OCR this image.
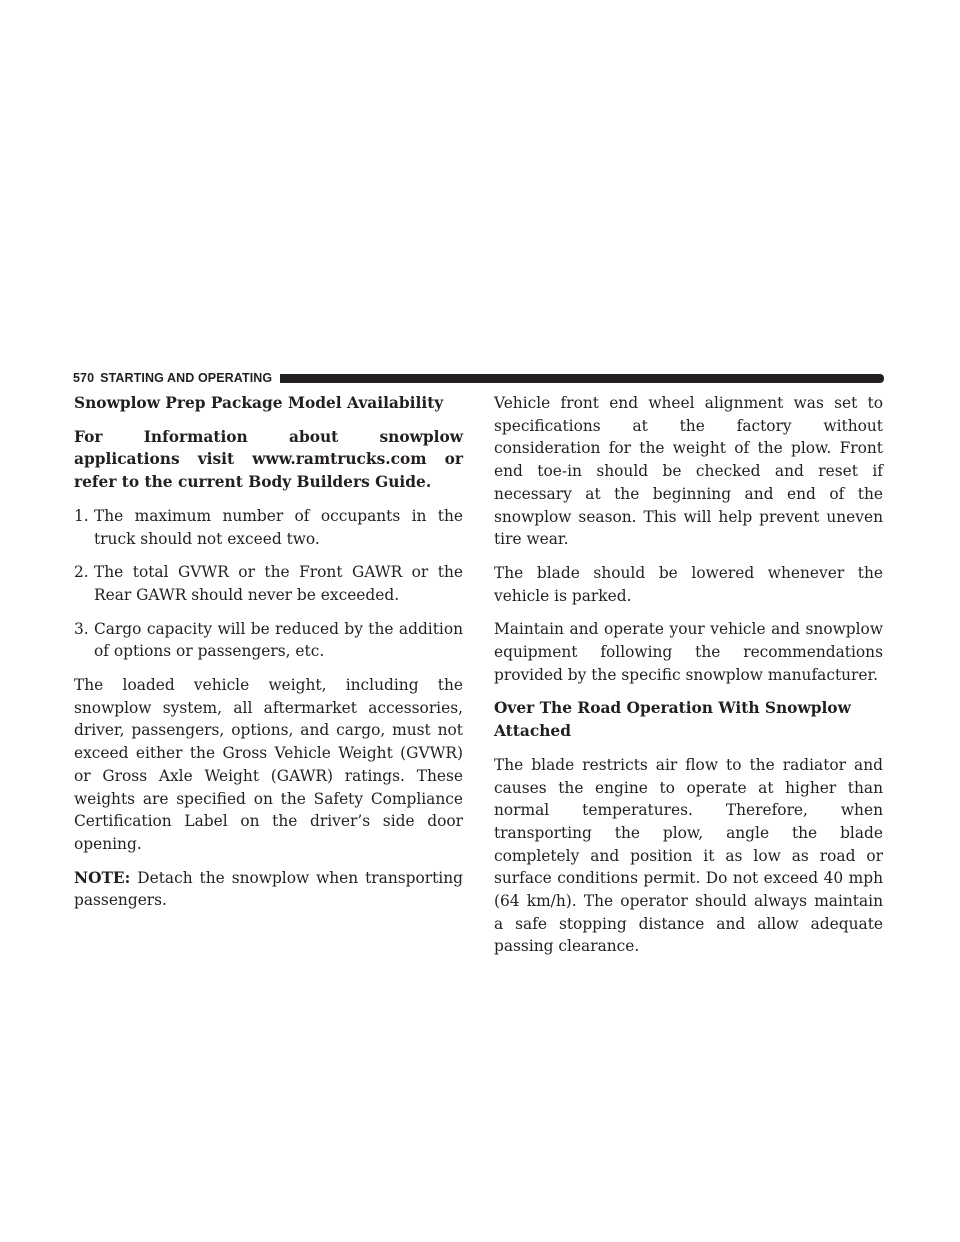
570 STARTING AND OPERATING
Snowplow Prep Package Model Availability

For Information about snowplow applications visit www.ramtrucks.com or refer to the current Body Builders Guide.

1. The maximum number of occupants in the truck should not exceed two.
2. The total GVWR or the Front GAWR or the Rear GAWR should never be exceeded.
3. Cargo capacity will be reduced by the addition of options or passengers, etc.

The loaded vehicle weight, including the snowplow system, all aftermarket accessories, driver, passengers, options, and cargo, must not exceed either the Gross Vehicle Weight (GVWR) or Gross Axle Weight (GAWR) ratings. These weights are specified on the Safety Compliance Certification Label on the driver’s side door opening.

NOTE: Detach the snowplow when transporting passengers.

Vehicle front end wheel alignment was set to specifications at the factory without consideration for the weight of the plow. Front end toe-in should be checked and reset if necessary at the beginning and end of the snowplow season. This will help prevent uneven tire wear.

The blade should be lowered whenever the vehicle is parked.

Maintain and operate your vehicle and snowplow equipment following the recommendations provided by the specific snowplow manufacturer.

Over The Road Operation With Snowplow Attached

The blade restricts air flow to the radiator and causes the engine to operate at higher than normal temperatures. Therefore, when transporting the plow, angle the blade completely and position it as low as road or surface conditions permit. Do not exceed 40 mph (64 km/h). The operator should always maintain a safe stopping distance and allow adequate passing clearance.
